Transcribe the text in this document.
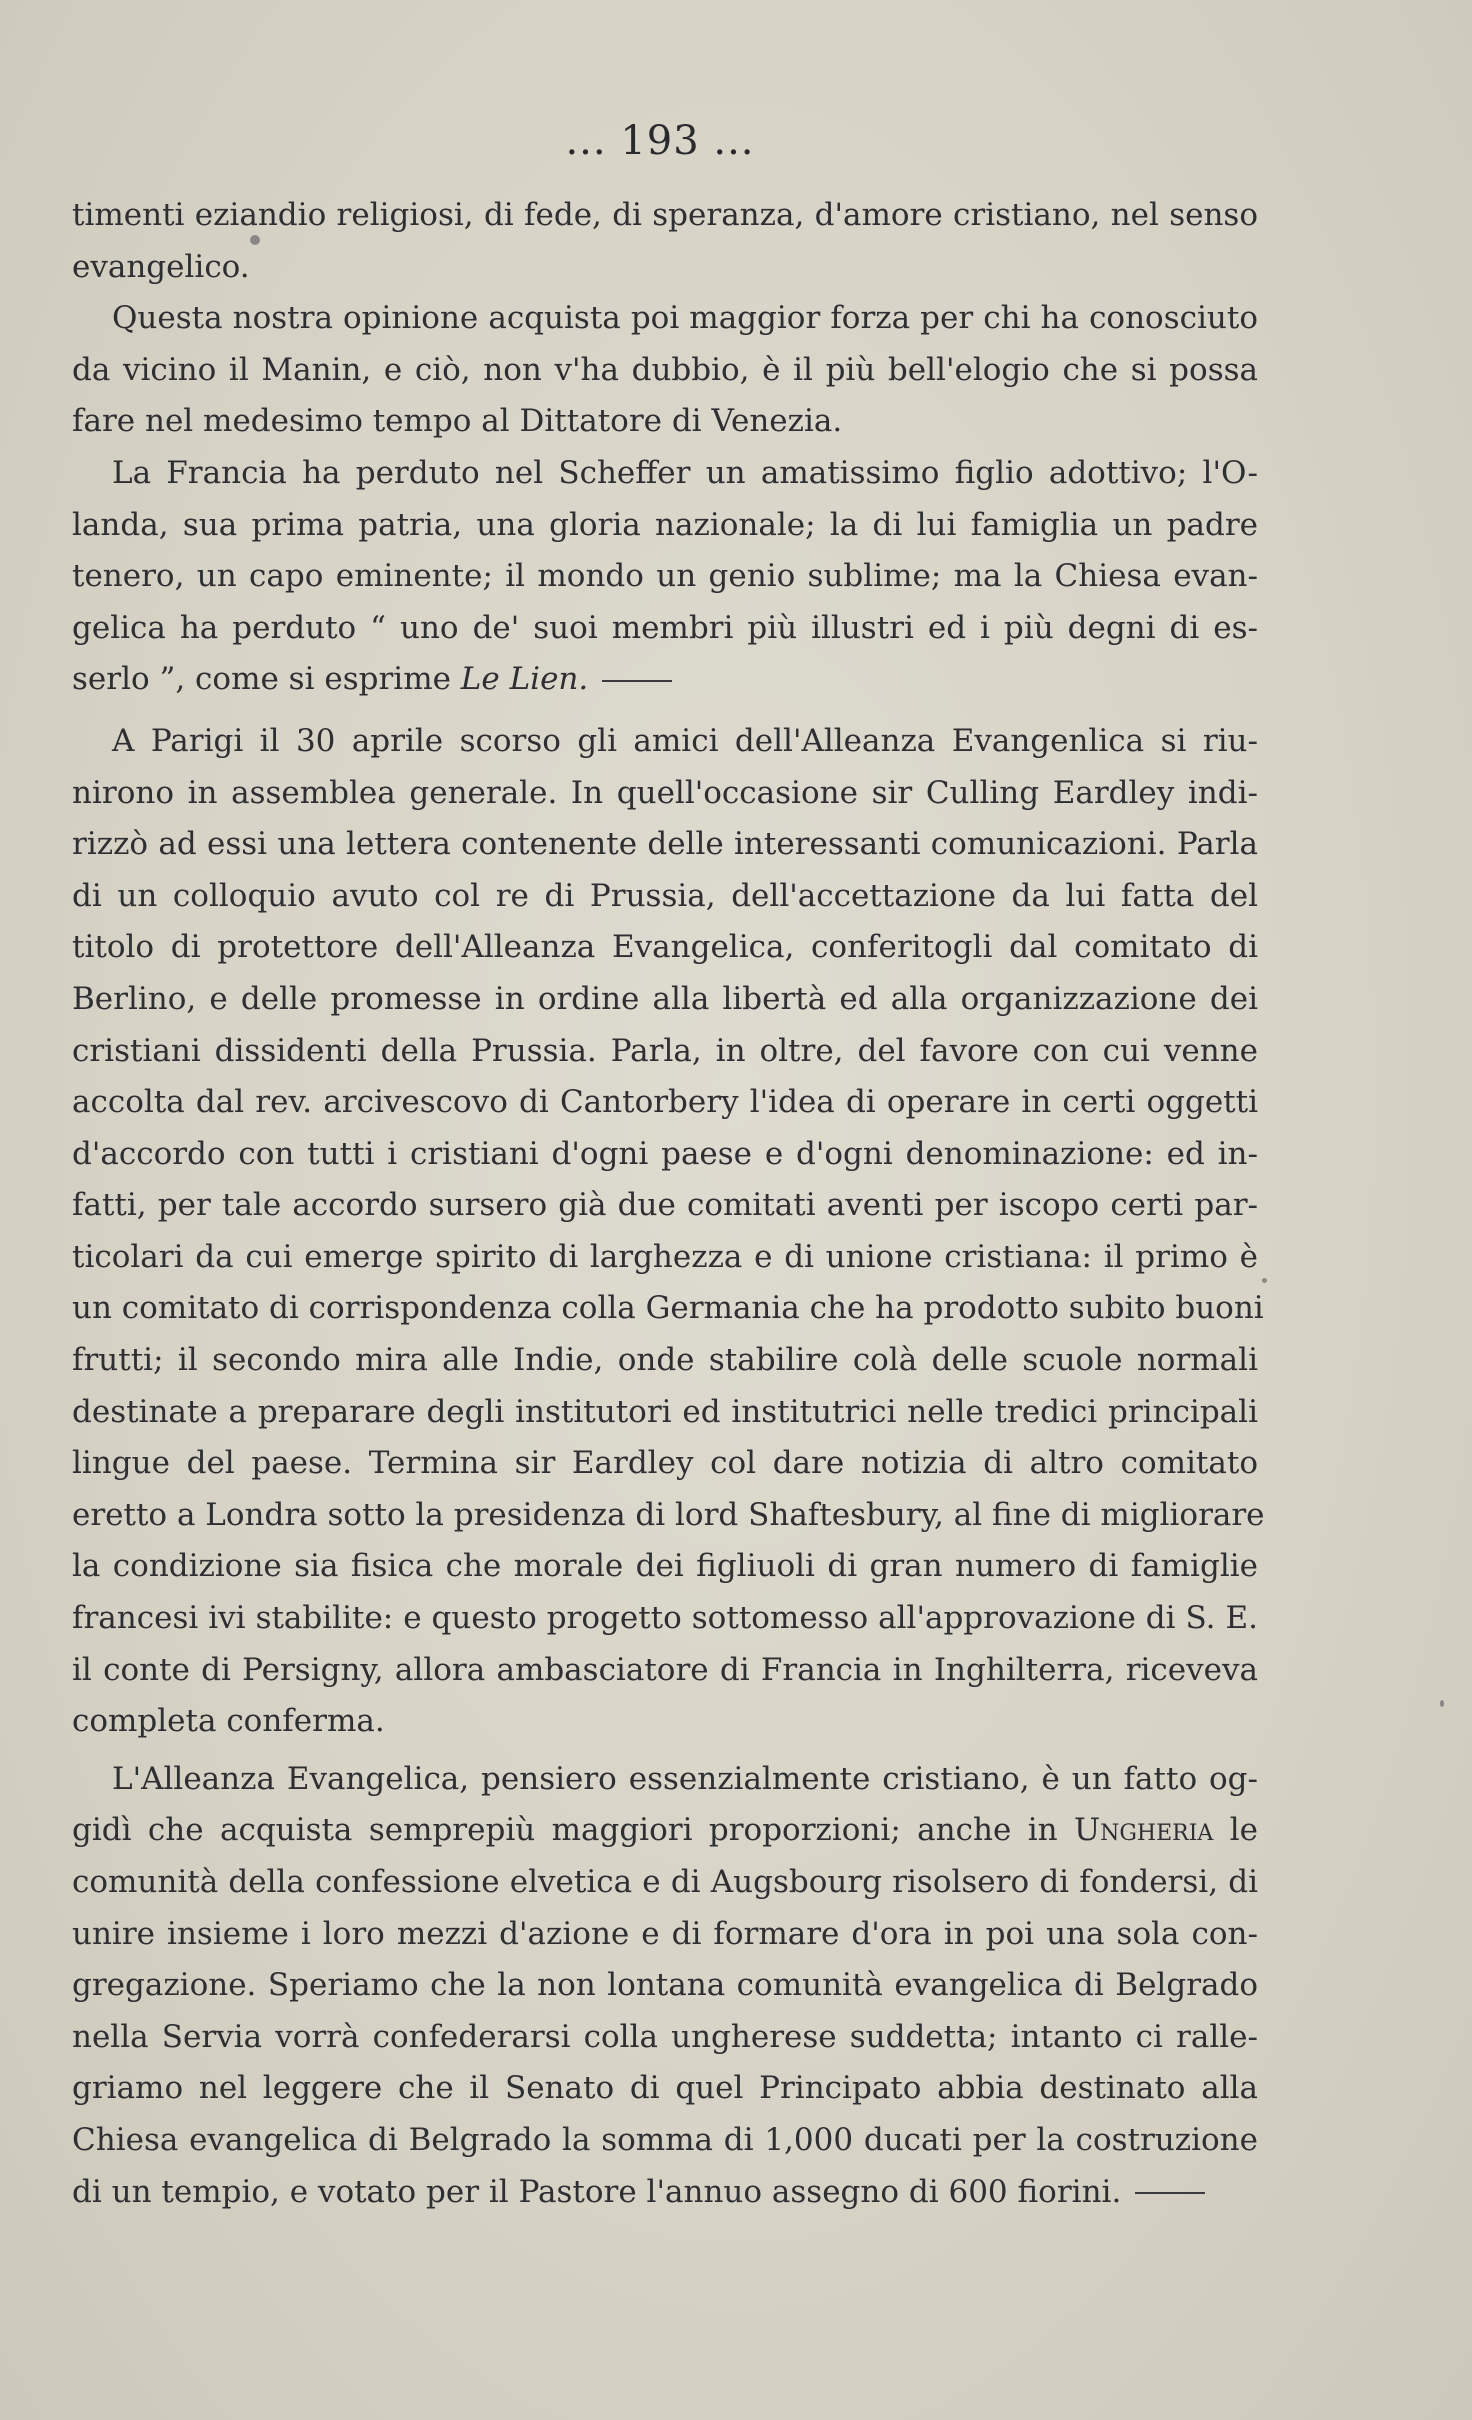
... 193 ...
timenti eziandio religiosi, di fede, di speranza, d'amore cristiano, nel senso
evangelico.
Questa nostra opinione acquista poi maggior forza per chi ha conosciuto
da vicino il Manin, e ciò, non v'ha dubbio, è il più bell'elogio che si possa
fare nel medesimo tempo al Dittatore di Venezia.
La Francia ha perduto nel Scheffer un amatissimo figlio adottivo; l'O-
landa, sua prima patria, una gloria nazionale; la di lui famiglia un padre
tenero, un capo eminente; il mondo un genio sublime; ma la Chiesa evan-
gelica ha perduto “ uno de' suoi membri più illustri ed i più degni di es-
serlo ”, come si esprime Le Lien.
A Parigi il 30 aprile scorso gli amici dell'Alleanza Evangenlica si riu-
nirono in assemblea generale. In quell'occasione sir Culling Eardley indi-
rizzò ad essi una lettera contenente delle interessanti comunicazioni. Parla
di un colloquio avuto col re di Prussia, dell'accettazione da lui fatta del
titolo di protettore dell'Alleanza Evangelica, conferitogli dal comitato di
Berlino, e delle promesse in ordine alla libertà ed alla organizzazione dei
cristiani dissidenti della Prussia. Parla, in oltre, del favore con cui venne
accolta dal rev. arcivescovo di Cantorbery l'idea di operare in certi oggetti
d'accordo con tutti i cristiani d'ogni paese e d'ogni denominazione: ed in-
fatti, per tale accordo sursero già due comitati aventi per iscopo certi par-
ticolari da cui emerge spirito di larghezza e di unione cristiana: il primo è
un comitato di corrispondenza colla Germania che ha prodotto subito buoni
frutti; il secondo mira alle Indie, onde stabilire colà delle scuole normali
destinate a preparare degli institutori ed institutrici nelle tredici principali
lingue del paese. Termina sir Eardley col dare notizia di altro comitato
eretto a Londra sotto la presidenza di lord Shaftesbury, al fine di migliorare
la condizione sia fisica che morale dei figliuoli di gran numero di famiglie
francesi ivi stabilite: e questo progetto sottomesso all'approvazione di S. E.
il conte di Persigny, allora ambasciatore di Francia in Inghilterra, riceveva
completa conferma.
L'Alleanza Evangelica, pensiero essenzialmente cristiano, è un fatto og-
gidì che acquista semprepiù maggiori proporzioni; anche in Ungheria le
comunità della confessione elvetica e di Augsbourg risolsero di fondersi, di
unire insieme i loro mezzi d'azione e di formare d'ora in poi una sola con-
gregazione. Speriamo che la non lontana comunità evangelica di Belgrado
nella Servia vorrà confederarsi colla ungherese suddetta; intanto ci ralle-
griamo nel leggere che il Senato di quel Principato abbia destinato alla
Chiesa evangelica di Belgrado la somma di 1,000 ducati per la costruzione
di un tempio, e votato per il Pastore l'annuo assegno di 600 fiorini.
